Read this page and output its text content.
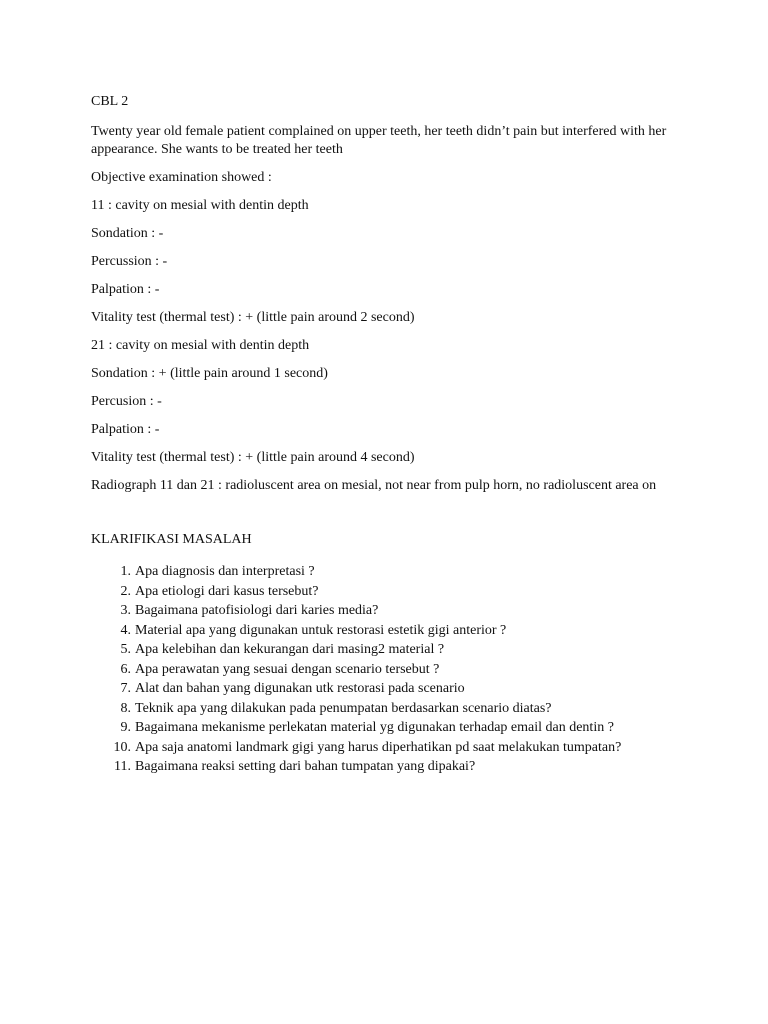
CBL 2

Twenty year old female patient complained on upper teeth, her teeth didn’t pain but interfered with her appearance. She wants to be treated her teeth

Objective examination showed :

11 : cavity on mesial with dentin depth

Sondation : -

Percussion : -

Palpation : -

Vitality test (thermal test) : + (little pain around 2 second)

21 : cavity on mesial with dentin depth

Sondation : + (little pain around 1 second)

Percusion : -

Palpation : -

Vitality test (thermal test) : + (little pain around 4 second)

Radiograph 11 dan 21 : radioluscent area on mesial, not near from pulp horn, no radioluscent area on

KLARIFIKASI MASALAH

1. Apa diagnosis dan interpretasi ?
2. Apa etiologi dari kasus tersebut?
3. Bagaimana patofisiologi dari karies media?
4. Material apa yang digunakan untuk restorasi estetik gigi anterior ?
5. Apa kelebihan dan kekurangan dari masing2 material ?
6. Apa perawatan yang sesuai dengan scenario tersebut ?
7. Alat dan bahan yang digunakan utk restorasi pada scenario
8. Teknik apa yang dilakukan pada penumpatan berdasarkan scenario diatas?
9. Bagaimana mekanisme perlekatan material yg digunakan terhadap email dan dentin ?
10. Apa saja anatomi landmark gigi yang harus diperhatikan pd saat melakukan tumpatan?
11. Bagaimana reaksi setting dari bahan tumpatan yang dipakai?
